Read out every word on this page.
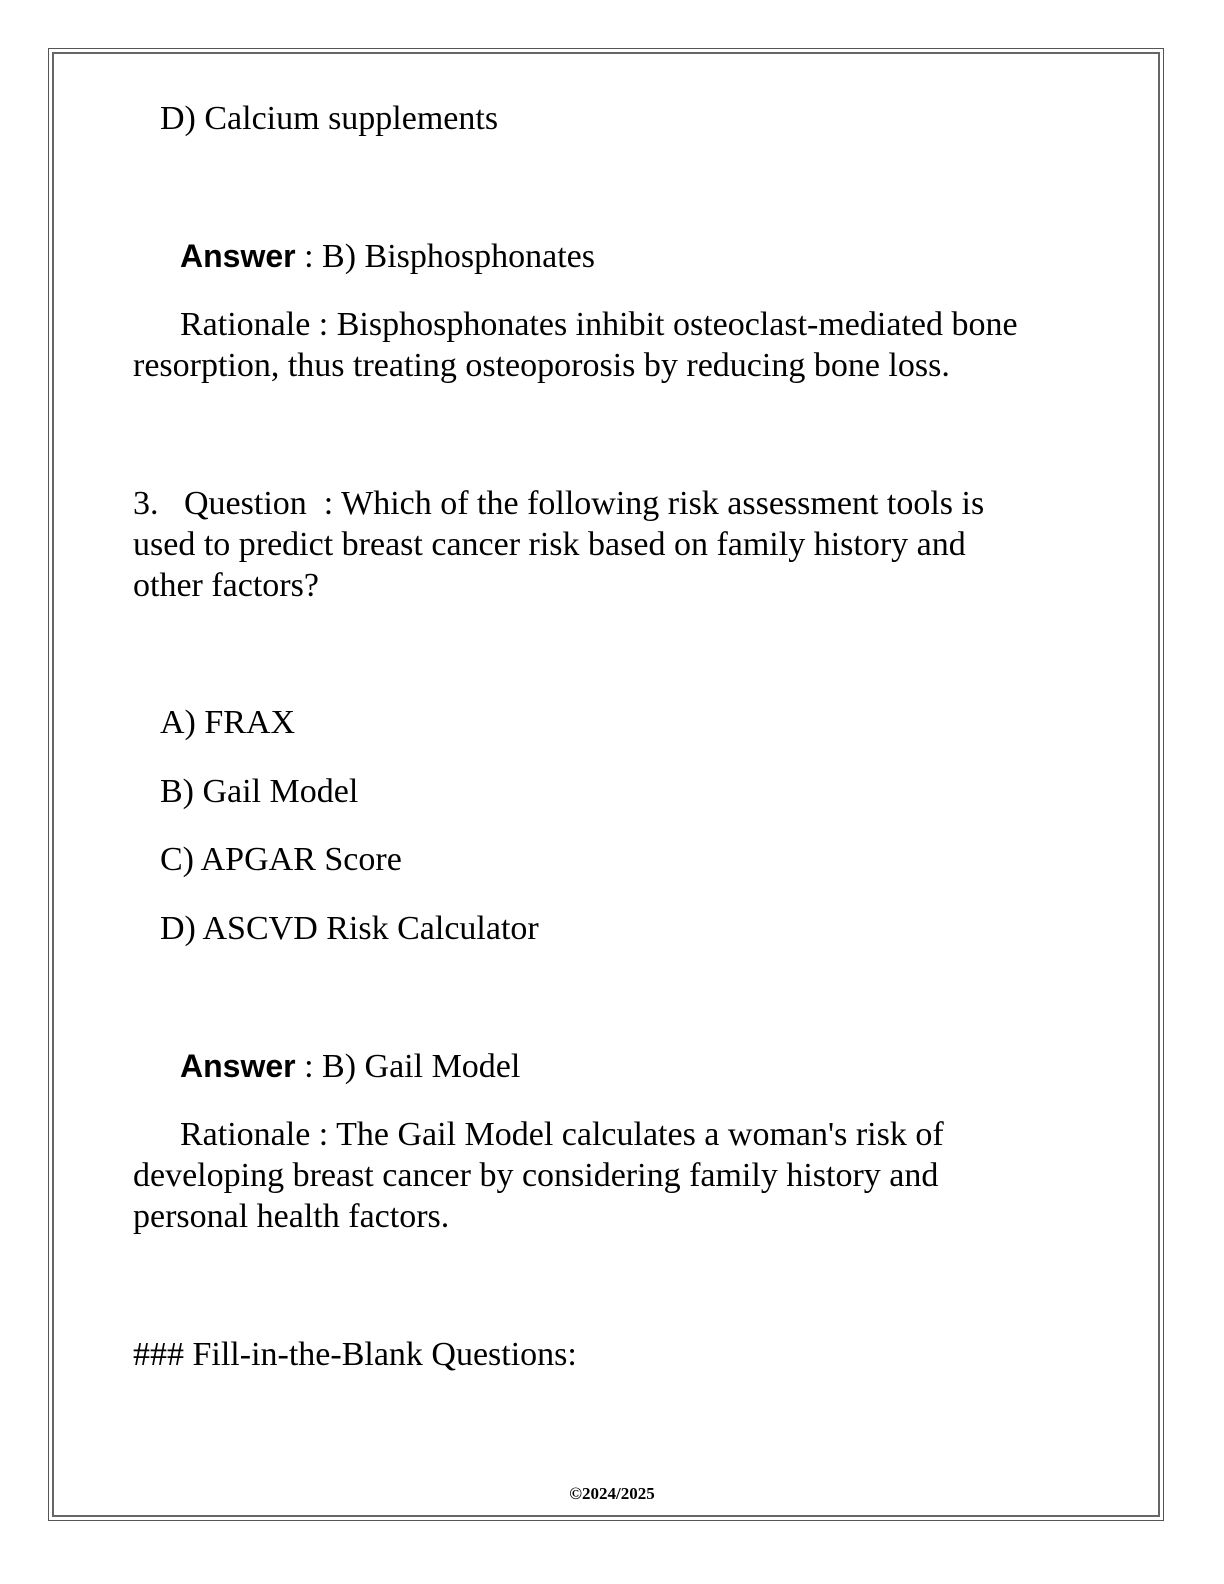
D) Calcium supplements
Answer : B) Bisphosphonates
Rationale : Bisphosphonates inhibit osteoclast-mediated bone
resorption, thus treating osteoporosis by reducing bone loss.
3.   Question  : Which of the following risk assessment tools is
used to predict breast cancer risk based on family history and
other factors?
A) FRAX
B) Gail Model
C) APGAR Score
D) ASCVD Risk Calculator
Answer : B) Gail Model
Rationale : The Gail Model calculates a woman's risk of
developing breast cancer by considering family history and
personal health factors.
### Fill-in-the-Blank Questions:
©2024/2025
